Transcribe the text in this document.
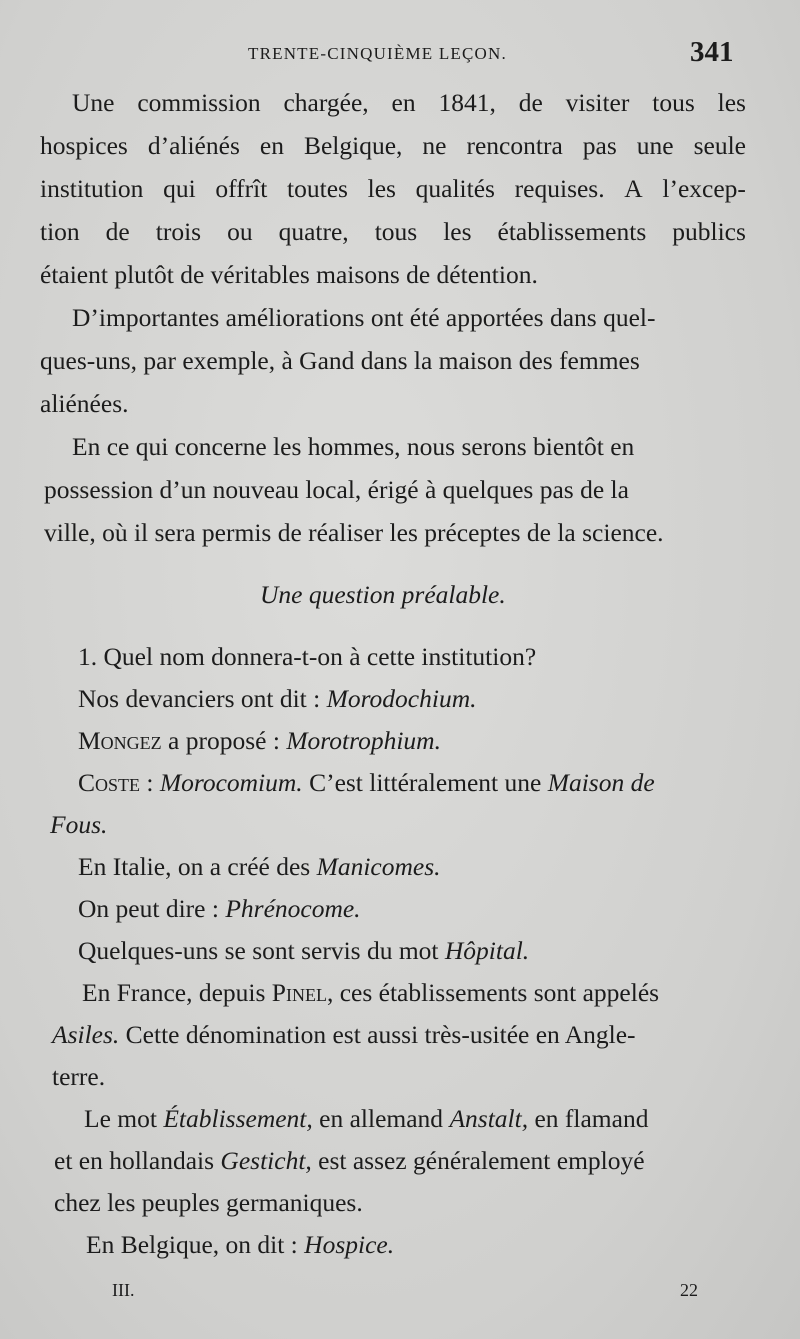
TRENTE-CINQUIÈME LEÇON.	341
Une commission chargée, en 1841, de visiter tous les
hospices d’aliénés en Belgique, ne rencontra pas une seule
institution qui offrît toutes les qualités requises. A l’excep-
tion de trois ou quatre, tous les établissements publics
étaient plutôt de véritables maisons de détention.
D’importantes améliorations ont été apportées dans quel-
ques-uns, par exemple, à Gand dans la maison des femmes
aliénées.
En ce qui concerne les hommes, nous serons bientôt en
possession d’un nouveau local, érigé à quelques pas de la
ville, où il sera permis de réaliser les préceptes de la science.
Une question préalable.
1. Quel nom donnera-t-on à cette institution?
Nos devanciers ont dit : Morodochium.
Mongez a proposé : Morotrophium.
Coste : Morocomium. C’est littéralement une Maison de
Fous.
En Italie, on a créé des Manicomes.
On peut dire : Phrénocome.
Quelques-uns se sont servis du mot Hôpital.
En France, depuis Pinel, ces établissements sont appelés
Asiles. Cette dénomination est aussi très-usitée en Angle-
terre.
Le mot Établissement, en allemand Anstalt, en flamand
et en hollandais Gesticht, est assez généralement employé
chez les peuples germaniques.
En Belgique, on dit : Hospice.
III.	22
